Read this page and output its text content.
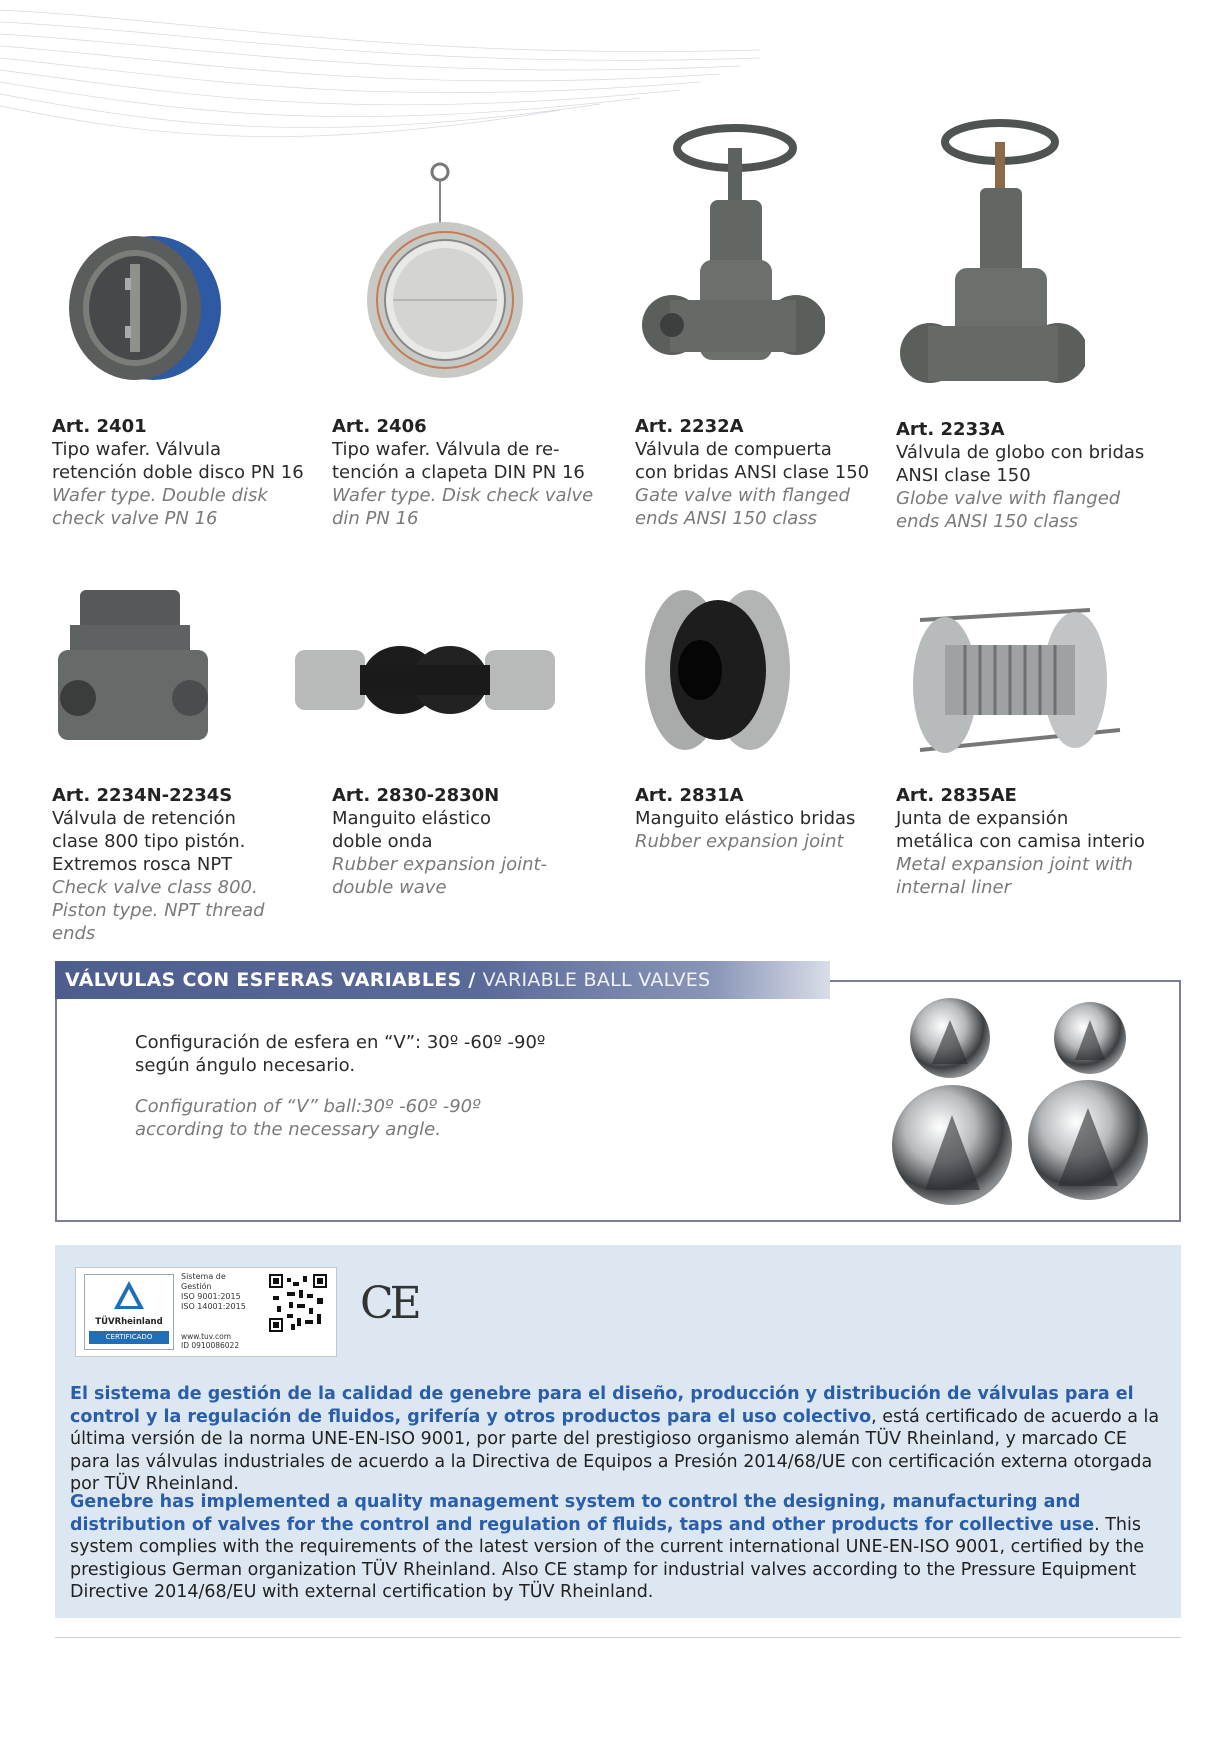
Art. 2401
Tipo wafer. Válvula
retención doble disco PN 16
Wafer type. Double disk
check valve PN 16
Art. 2406
Tipo wafer. Válvula de re-
tención a clapeta DIN PN 16
Wafer type. Disk check valve
din PN 16
Art. 2232A
Válvula de compuerta
con bridas ANSI clase 150
Gate valve with flanged
ends ANSI 150 class
Art. 2233A
Válvula de globo con bridas
ANSI clase 150
Globe valve with flanged
ends ANSI 150 class
Art. 2234N-2234S
Válvula de retención
clase 800 tipo pistón.
Extremos rosca NPT
Check valve class 800.
Piston type. NPT thread
ends
Art. 2830-2830N
Manguito elástico
doble onda
Rubber expansion joint-
double wave
Art. 2831A
Manguito elástico bridas
Rubber expansion joint
Art. 2835AE
Junta de expansión
metálica con camisa interio
Metal expansion joint with
internal liner
VÁLVULAS CON ESFERAS VARIABLES / VARIABLE BALL VALVES
Configuración de esfera en “V”: 30º -60º -90º
según ángulo necesario.
Configuration of “V” ball:30º -60º -90º
according to the necessary angle.
TÜVRheinland
CERTIFICADO
Sistema de
Gestión
ISO 9001:2015
ISO 14001:2015
www.tuv.com
ID 0910086022
CE
El sistema de gestión de la calidad de genebre para el diseño, producción y distribución de válvulas para el control y la regulación de fluidos, grifería y otros productos para el uso colectivo, está certificado de acuerdo a la última versión de la norma UNE-EN-ISO 9001, por parte del prestigioso organismo alemán TÜV Rheinland, y marcado CE para las válvulas industriales de acuerdo a la Directiva de Equipos a Presión 2014/68/UE con certificación externa otorgada por TÜV Rheinland.
Genebre has implemented a quality management system to control the designing, manufacturing and distribution of valves for the control and regulation of fluids, taps and other products for collective use. This system complies with the requirements of the latest version of the current international UNE-EN-ISO 9001, certified by the prestigious German organization TÜV Rheinland. Also CE stamp for industrial valves according to the Pressure Equipment Directive 2014/68/EU with external certification by TÜV Rheinland.
